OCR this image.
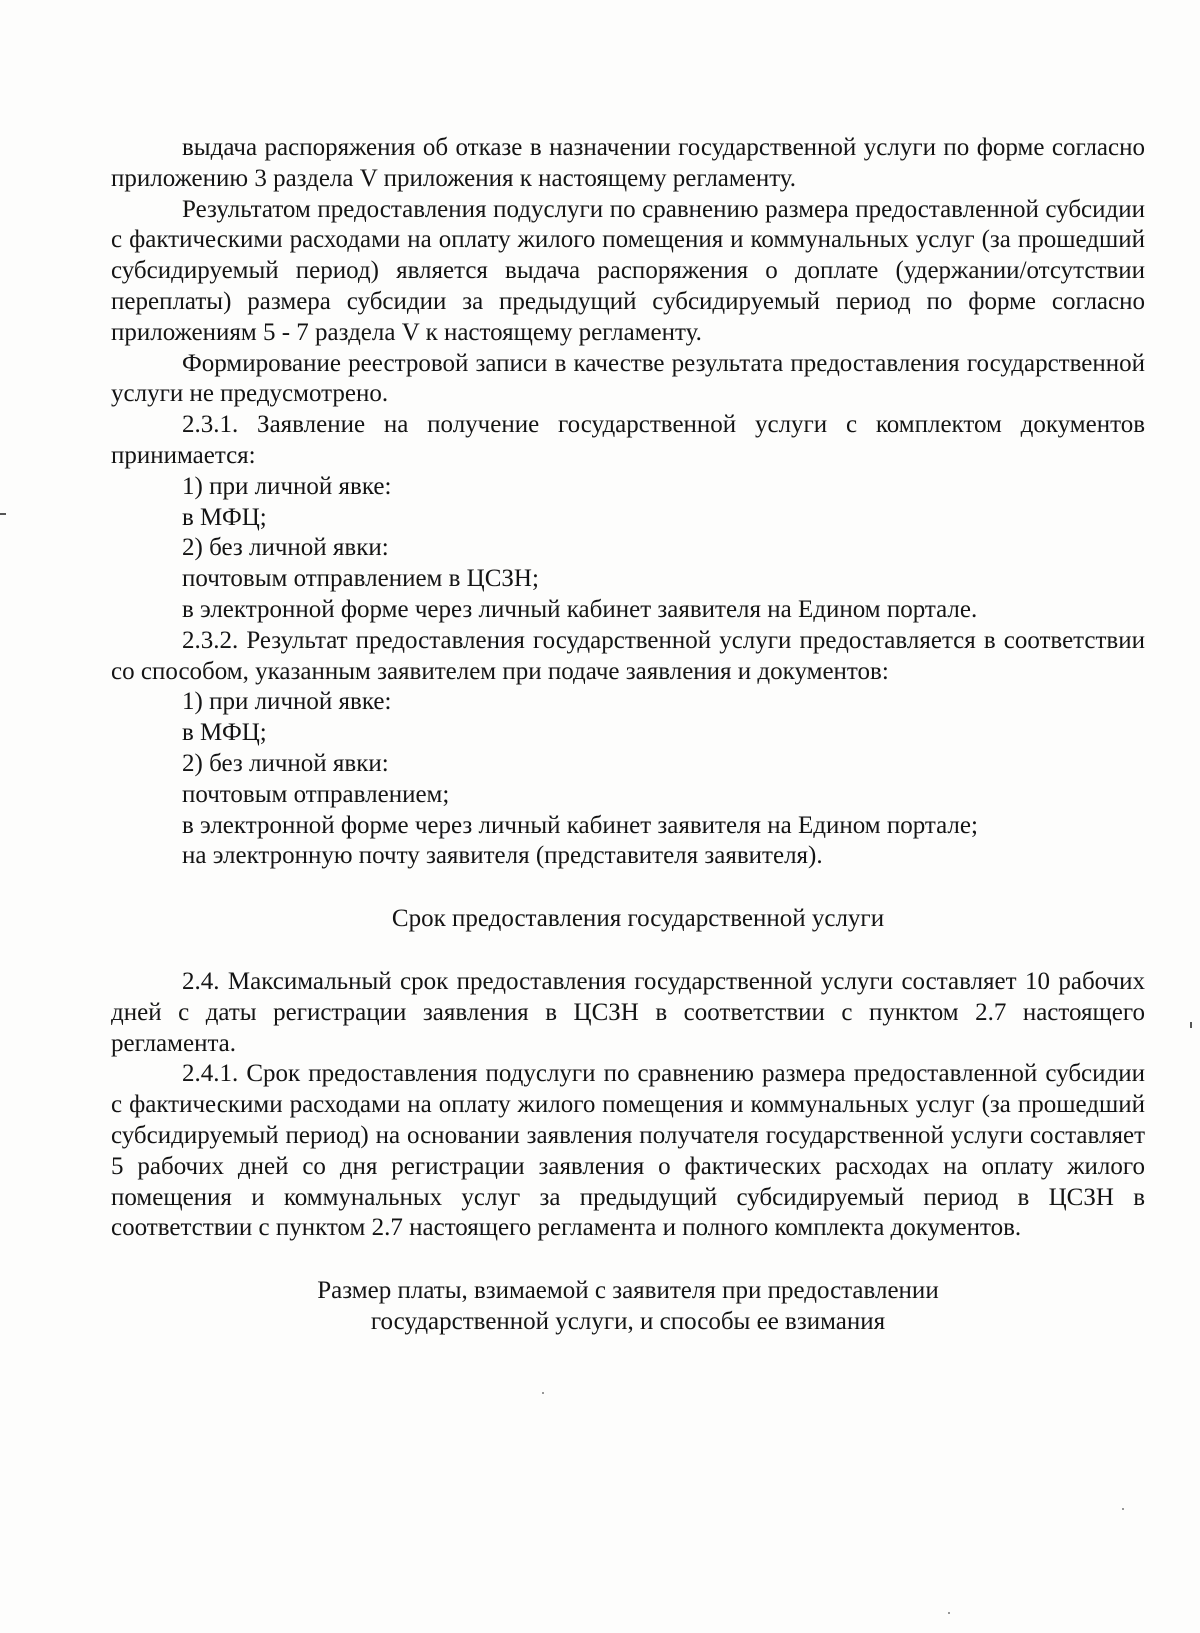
выдача распоряжения об отказе в назначении государственной услуги по форме согласно приложению 3 раздела V приложения к настоящему регламенту.

Результатом предоставления подуслуги по сравнению размера предоставленной субсидии с фактическими расходами на оплату жилого помещения и коммунальных услуг (за прошедший субсидируемый период) является выдача распоряжения о доплате (удержании/отсутствии переплаты) размера субсидии за предыдущий субсидируемый период по форме согласно приложениям 5 - 7 раздела V к настоящему регламенту.

Формирование реестровой записи в качестве результата предоставления государственной услуги не предусмотрено.

2.3.1. Заявление на получение государственной услуги с комплектом документов принимается:

1) при личной явке:

в МФЦ;

2) без личной явки:

почтовым отправлением в ЦСЗН;

в электронной форме через личный кабинет заявителя на Едином портале.

2.3.2. Результат предоставления государственной услуги предоставляется в соответствии со способом, указанным заявителем при подаче заявления и документов:

1) при личной явке:

в МФЦ;

2) без личной явки:

почтовым отправлением;

в электронной форме через личный кабинет заявителя на Едином портале;

на электронную почту заявителя (представителя заявителя).

Срок предоставления государственной услуги

2.4. Максимальный срок предоставления государственной услуги составляет 10 рабочих дней с даты регистрации заявления в ЦСЗН в соответствии с пунктом 2.7 настоящего регламента.

2.4.1. Срок предоставления подуслуги по сравнению размера предоставленной субсидии с фактическими расходами на оплату жилого помещения и коммунальных услуг (за прошедший субсидируемый период) на основании заявления получателя государственной услуги составляет 5 рабочих дней со дня регистрации заявления о фактических расходах на оплату жилого помещения и коммунальных услуг за предыдущий субсидируемый период в ЦСЗН в соответствии с пунктом 2.7 настоящего регламента и полного комплекта документов.

Размер платы, взимаемой с заявителя при предоставлении
государственной услуги, и способы ее взимания
